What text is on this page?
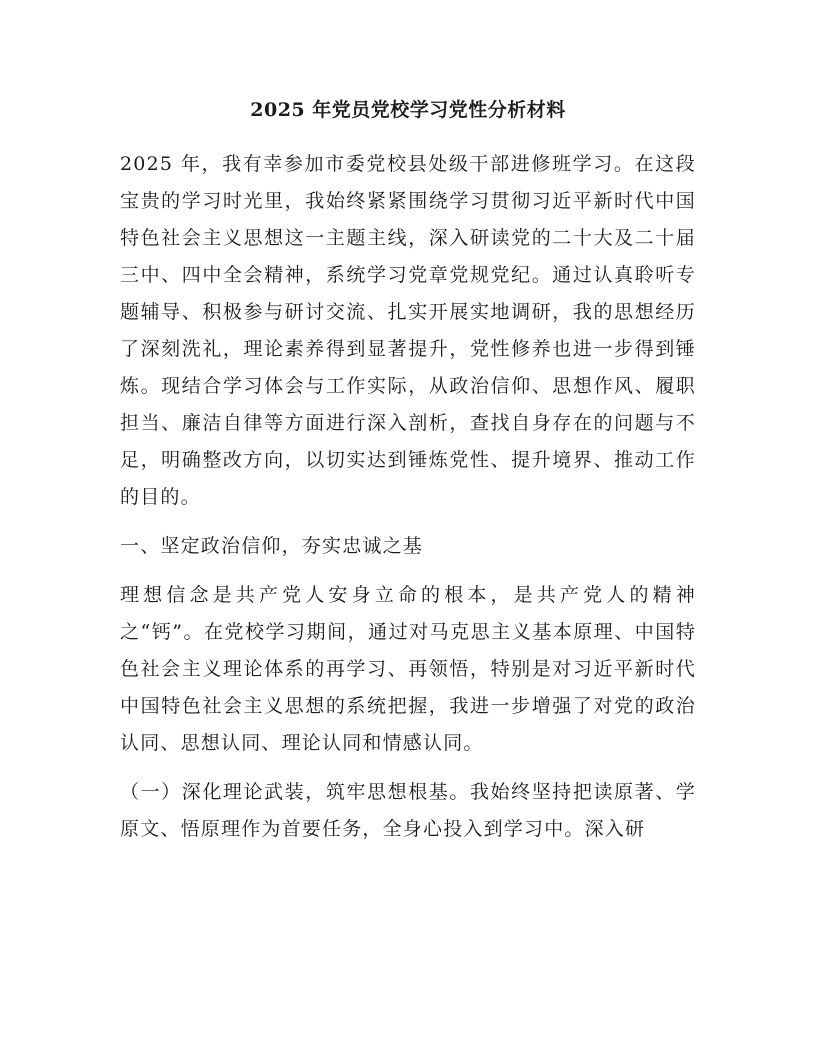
2025 年党员党校学习党性分析材料
2025 年，我有幸参加市委党校县处级干部进修班学习。在这段宝贵的学习时光里，我始终紧紧围绕学习贯彻习近平新时代中国特色社会主义思想这一主题主线，深入研读党的二十大及二十届三中、四中全会精神，系统学习党章党规党纪。通过认真聆听专题辅导、积极参与研讨交流、扎实开展实地调研，我的思想经历了深刻洗礼，理论素养得到显著提升，党性修养也进一步得到锤炼。现结合学习体会与工作实际，从政治信仰、思想作风、履职担当、廉洁自律等方面进行深入剖析，查找自身存在的问题与不足，明确整改方向，以切实达到锤炼党性、提升境界、推动工作的目的。
一、坚定政治信仰，夯实忠诚之基
理想信念是共产党人安身立命的根本，是共产党人的精神之“钙”。在党校学习期间，通过对马克思主义基本原理、中国特色社会主义理论体系的再学习、再领悟，特别是对习近平新时代中国特色社会主义思想的系统把握，我进一步增强了对党的政治认同、思想认同、理论认同和情感认同。
（一）深化理论武装，筑牢思想根基。我始终坚持把读原著、学原文、悟原理作为首要任务，全身心投入到学习中。深入研
